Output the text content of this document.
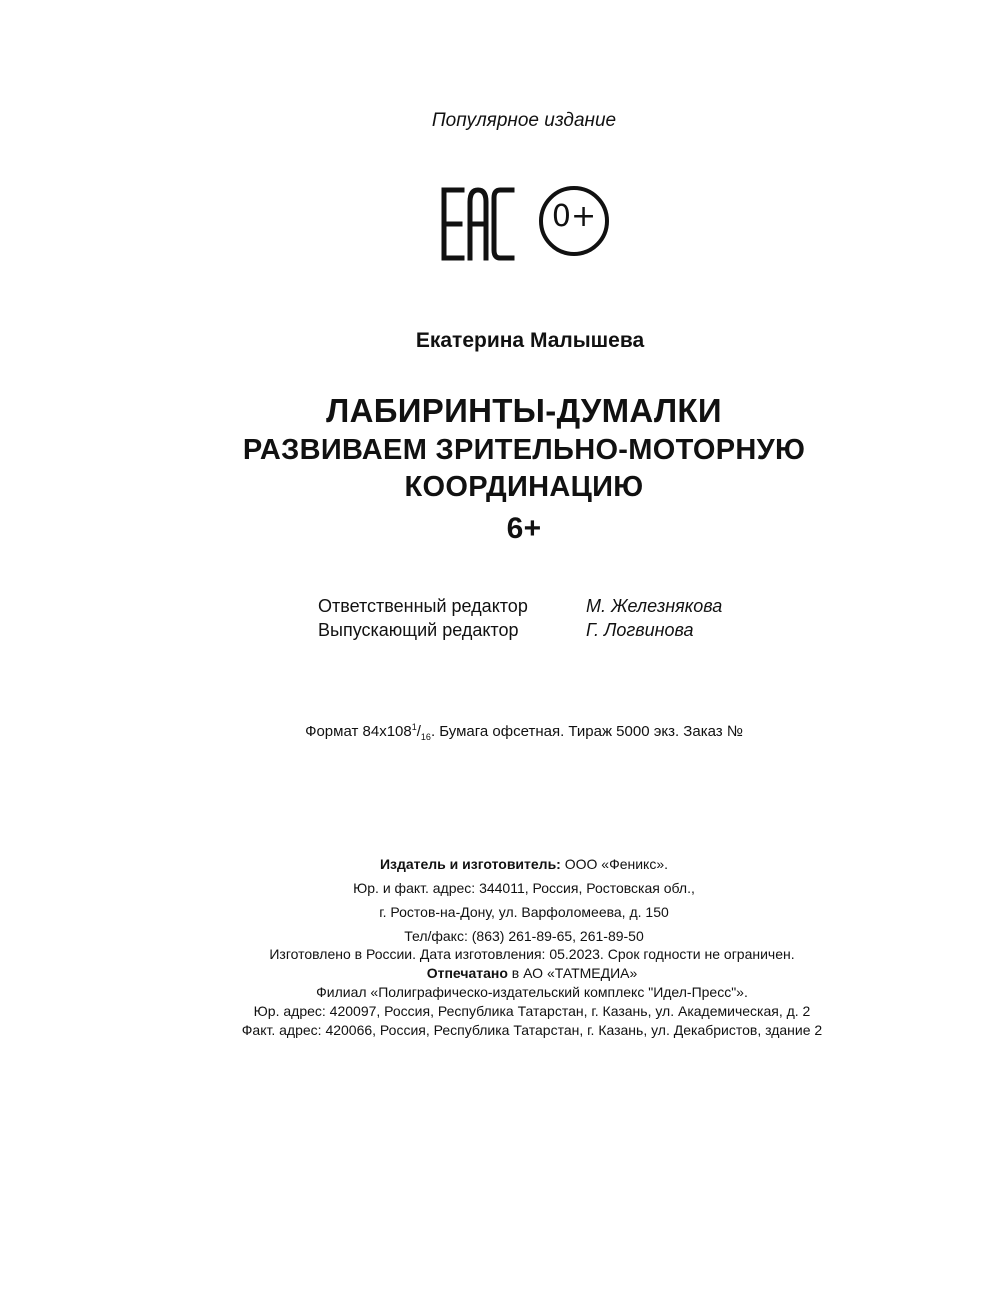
Популярное издание
0+
Екатерина Малышева
ЛАБИРИНТЫ-ДУМАЛКИ
РАЗВИВАЕМ ЗРИТЕЛЬНО-МОТОРНУЮ
КООРДИНАЦИЮ
6+
Ответственный редактор	М. Железнякова
Выпускающий редактор	Г. Логвинова
Формат $84x108^1/_{16}$. Бумага офсетная. Тираж 5000 экз. Заказ №
Издатель и изготовитель: ООО «Феникс».
Юр. и факт. адрес: 344011, Россия, Ростовская обл.,
г. Ростов-на-Дону, ул. Варфоломеева, д. 150
Тел/факс: (863) 261-89-65, 261-89-50
Изготовлено в России. Дата изготовления: 05.2023. Срок годности не ограничен.
Отпечатано в АО «ТАТМЕДИА»
Филиал «Полиграфическо-издательский комплекс "Идел-Пресс"».
Юр. адрес: 420097, Россия, Республика Татарстан, г. Казань, ул. Академическая, д. 2
Факт. адрес: 420066, Россия, Республика Татарстан, г. Казань, ул. Декабристов, здание 2
